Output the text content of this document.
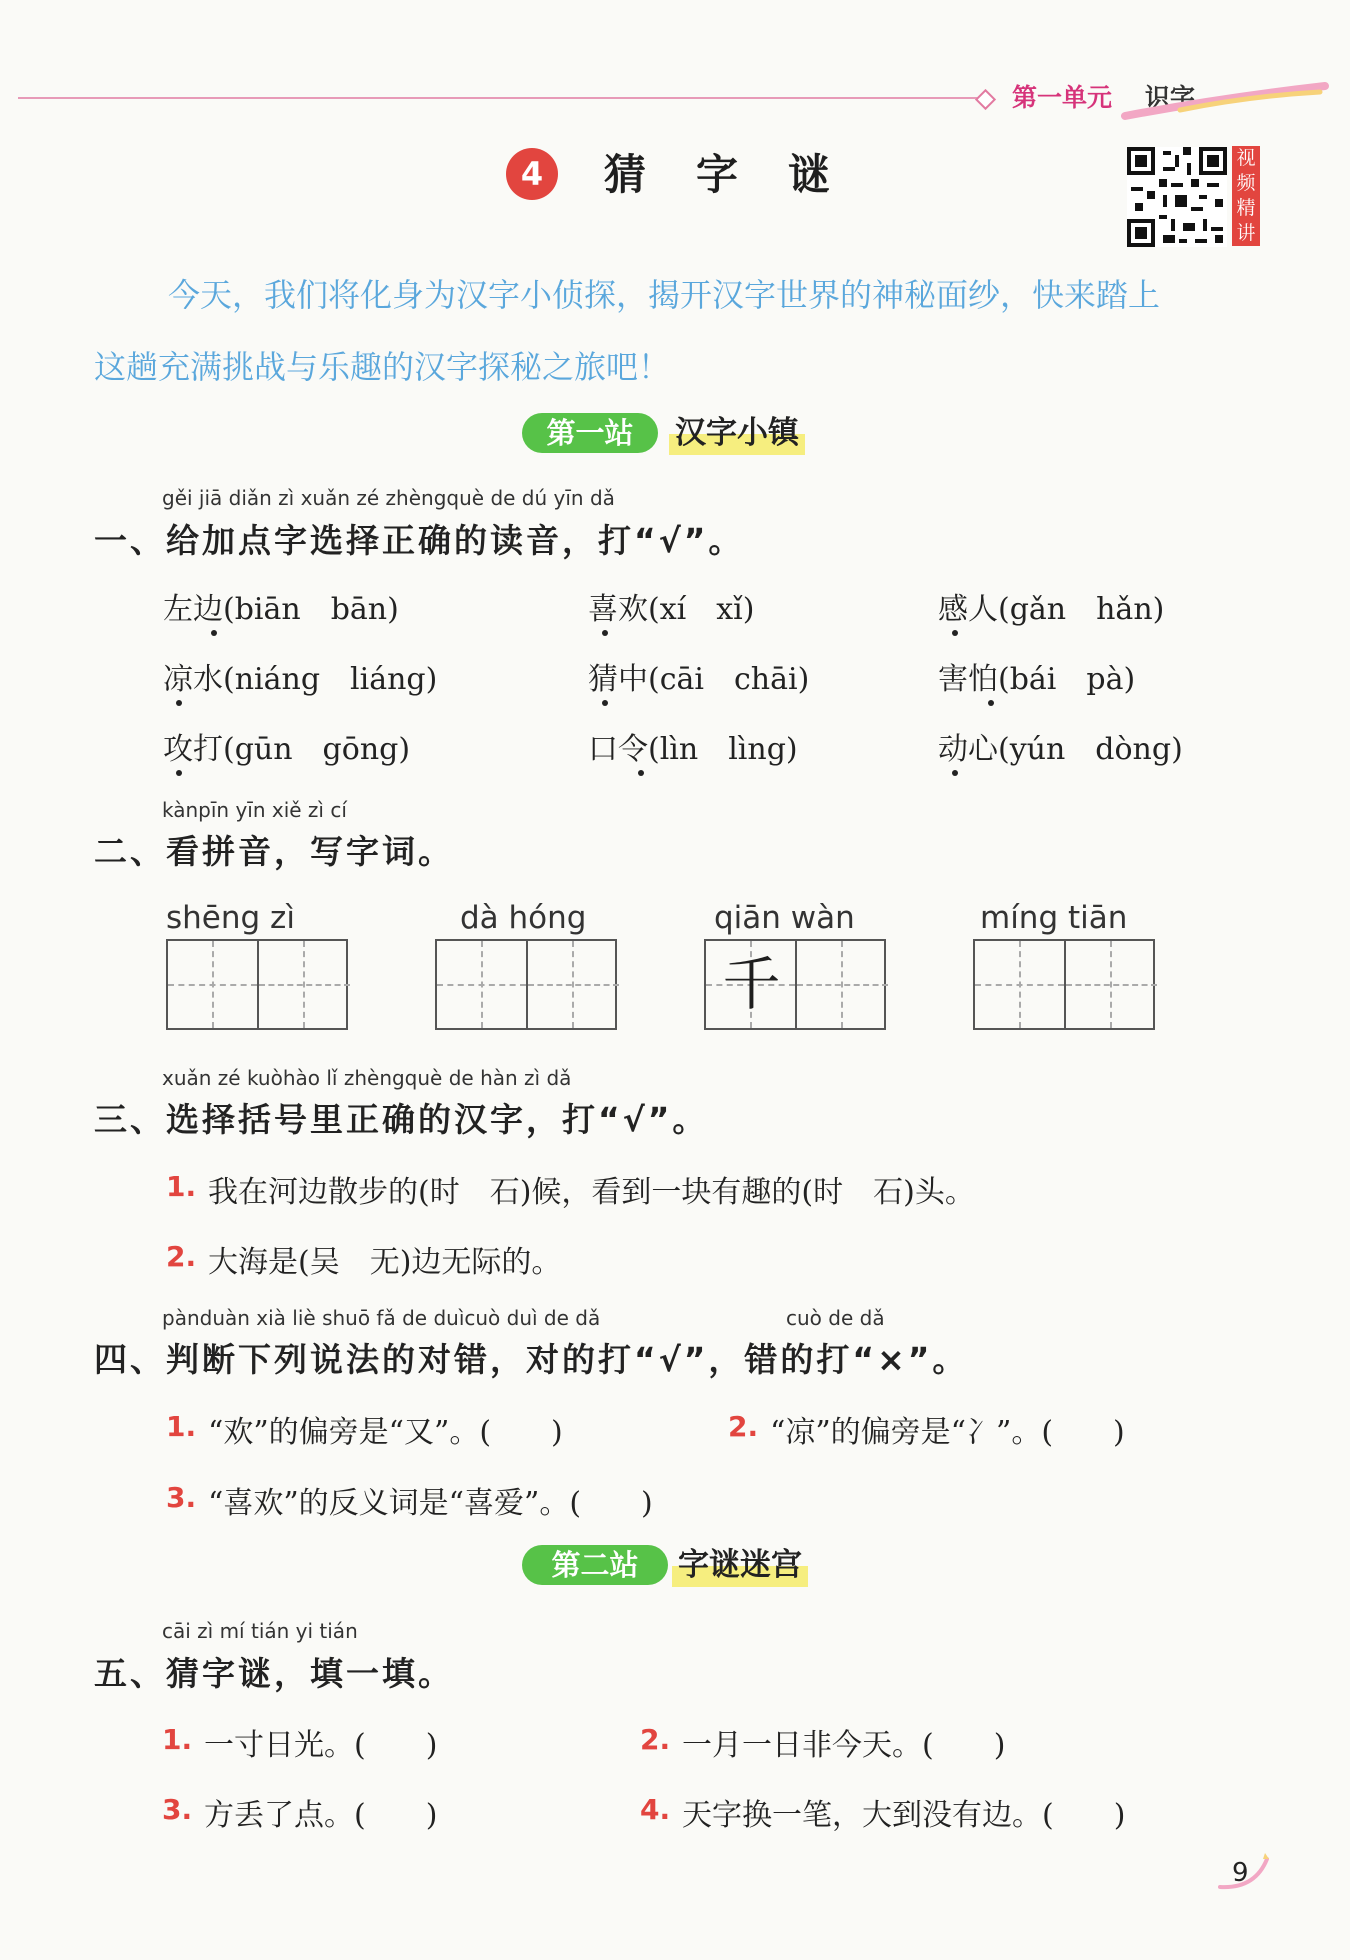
第一单元 识字
4	猜字谜	视频精讲
今天，我们将化身为汉字小侦探，揭开汉字世界的神秘面纱，快来踏上
这趟充满挑战与乐趣的汉字探秘之旅吧！
第一站	汉字小镇
gěi jiā diǎn zì xuǎn zé zhèngquè de dú yīn dǎ
一、给加点字选择正确的读音，打“√”。
左边(biān　bān)	喜欢(xí　xǐ)	感人(gǎn　hǎn)
凉水(niáng　liáng)	猜中(cāi　chāi)	害怕(bái　pà)
攻打(gūn　gōng)	口令(lìn　lìng)	动心(yún　dòng)
kànpīn yīn xiě zì cí
二、看拼音，写字词。
shēng zì	dà hóng	qiān wàn	míng tiān
千
xuǎn zé kuòhào lǐ zhèngquè de hàn zì dǎ
三、选择括号里正确的汉字，打“√”。
1. 我在河边散步的(时　石)候，看到一块有趣的(时　石)头。
2. 大海是(吴　无)边无际的。
pànduàn xià liè shuō fǎ de duìcuò duì de dǎ	cuò de dǎ
四、判断下列说法的对错，对的打“√”，错的打“×”。
1. “欢”的偏旁是“又”。(　　)	2. “凉”的偏旁是“冫”。(　　)
3. “喜欢”的反义词是“喜爱”。(　　)
第二站	字谜迷宫
cāi zì mí tián yi tián
五、猜字谜，填一填。
1. 一寸日光。(　　)	2. 一月一日非今天。(　　)
3. 方丢了点。(　　)	4. 天字换一笔，大到没有边。(　　)
9
